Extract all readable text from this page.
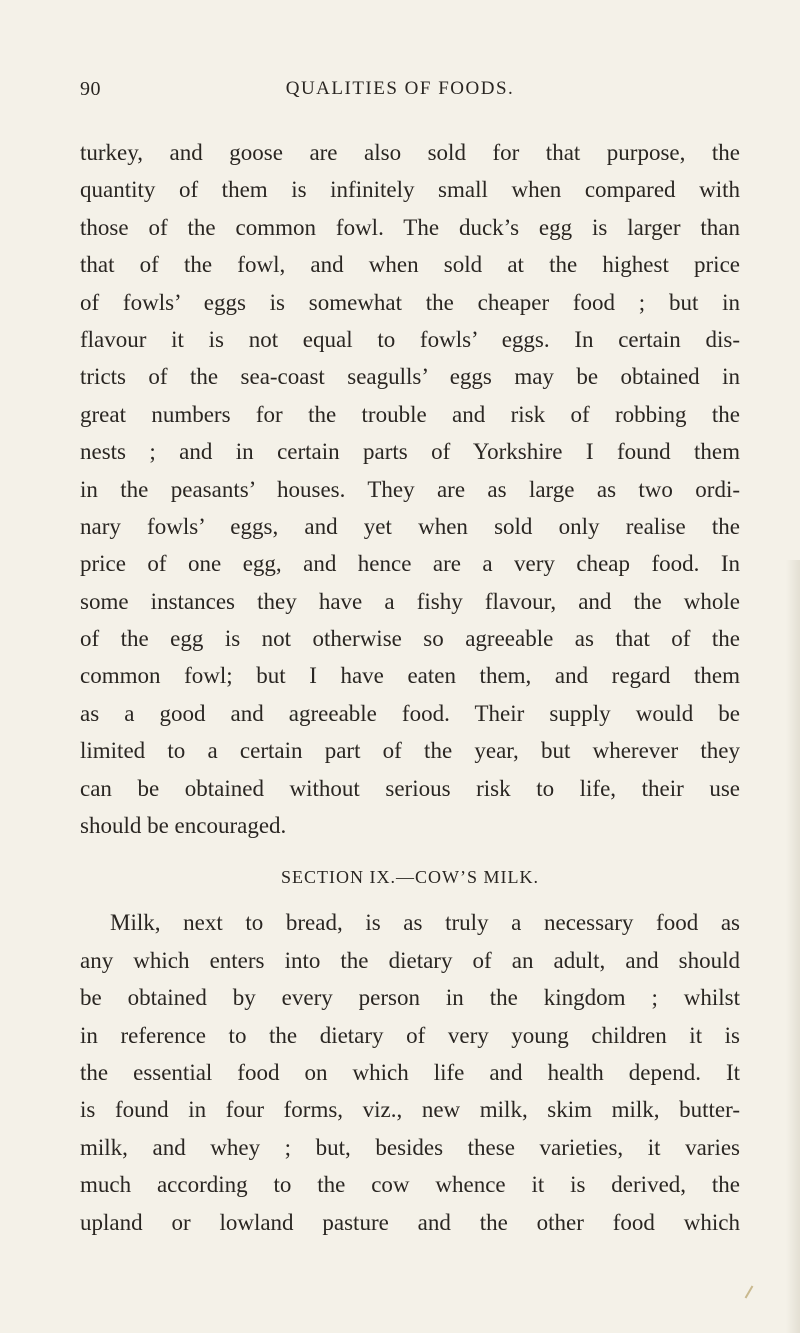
90	QUALITIES OF FOODS.
turkey, and goose are also sold for that purpose, the
quantity of them is infinitely small when compared with
those of the common fowl. The duck’s egg is larger than
that of the fowl, and when sold at the highest price
of fowls’ eggs is somewhat the cheaper food ; but in
flavour it is not equal to fowls’ eggs. In certain dis-
tricts of the sea-coast seagulls’ eggs may be obtained in
great numbers for the trouble and risk of robbing the
nests ; and in certain parts of Yorkshire I found them
in the peasants’ houses. They are as large as two ordi-
nary fowls’ eggs, and yet when sold only realise the
price of one egg, and hence are a very cheap food. In
some instances they have a fishy flavour, and the whole
of the egg is not otherwise so agreeable as that of the
common fowl; but I have eaten them, and regard them
as a good and agreeable food. Their supply would be
limited to a certain part of the year, but wherever they
can be obtained without serious risk to life, their use
should be encouraged.
SECTION IX.—COW’S MILK.
Milk, next to bread, is as truly a necessary food as
any which enters into the dietary of an adult, and should
be obtained by every person in the kingdom ; whilst
in reference to the dietary of very young children it is
the essential food on which life and health depend. It
is found in four forms, viz., new milk, skim milk, butter-
milk, and whey ; but, besides these varieties, it varies
much according to the cow whence it is derived, the
upland or lowland pasture and the other food which
